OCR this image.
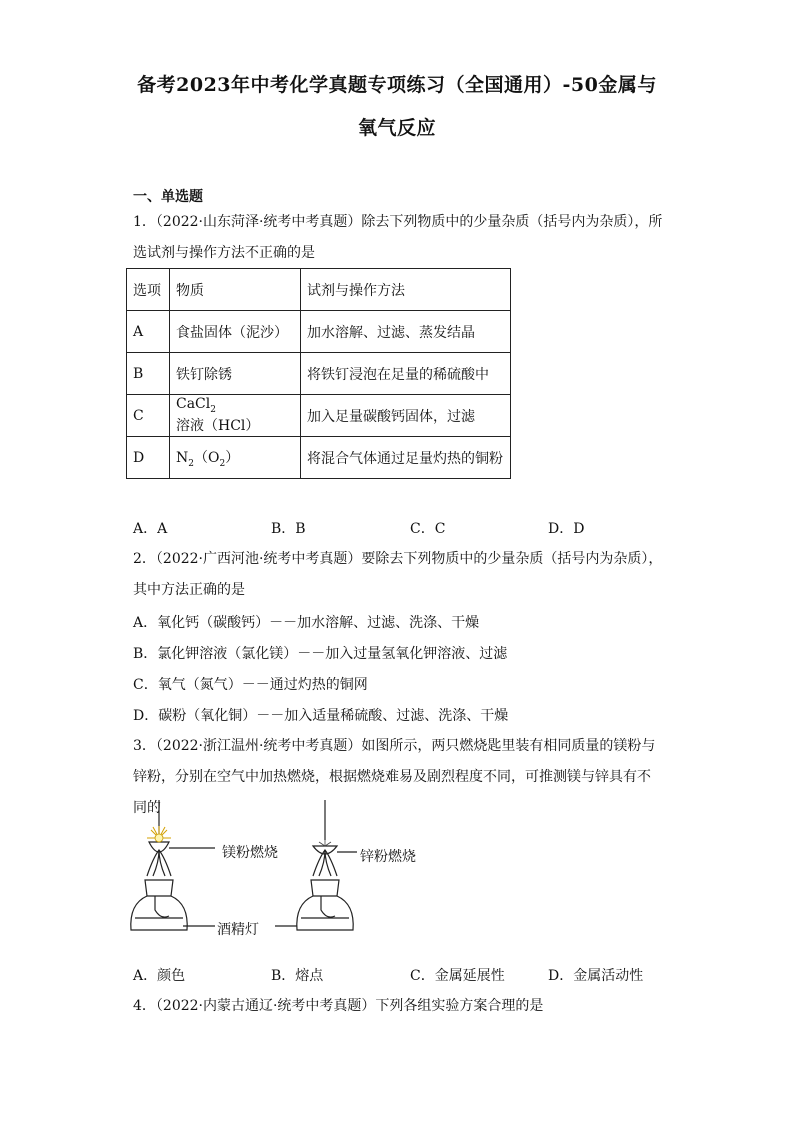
备考2023年中考化学真题专项练习（全国通用）-50金属与
氧气反应
一、单选题
1．（2022·山东菏泽·统考中考真题）除去下列物质中的少量杂质（括号内为杂质），所选试剂与操作方法不正确的是
选项	物质	试剂与操作方法
A	食盐固体（泥沙）	加水溶解、过滤、蒸发结晶
B	铁钉除锈	将铁钉浸泡在足量的稀硫酸中
C	CaCl$_2$溶液（HCl）	加入足量碳酸钙固体，过滤
D	$N_2(O_2)$	将混合气体通过足量灼热的铜粉
A．A	B．B	C．C	D．D
2．（2022·广西河池·统考中考真题）要除去下列物质中的少量杂质（括号内为杂质），其中方法正确的是
A．氧化钙（碳酸钙）－－加水溶解、过滤、洗涤、干燥
B．氯化钾溶液（氯化镁）－－加入过量氢氧化钾溶液、过滤
C．氧气（氮气）－－通过灼热的铜网
D．碳粉（氧化铜）－－加入适量稀硫酸、过滤、洗涤、干燥
3．（2022·浙江温州·统考中考真题）如图所示，两只燃烧匙里装有相同质量的镁粉与锌粉，分别在空气中加热燃烧，根据燃烧难易及剧烈程度不同，可推测镁与锌具有不同的
镁粉燃烧	锌粉燃烧
酒精灯
A．颜色	B．熔点	C．金属延展性	D．金属活动性
4．（2022·内蒙古通辽·统考中考真题）下列各组实验方案合理的是
